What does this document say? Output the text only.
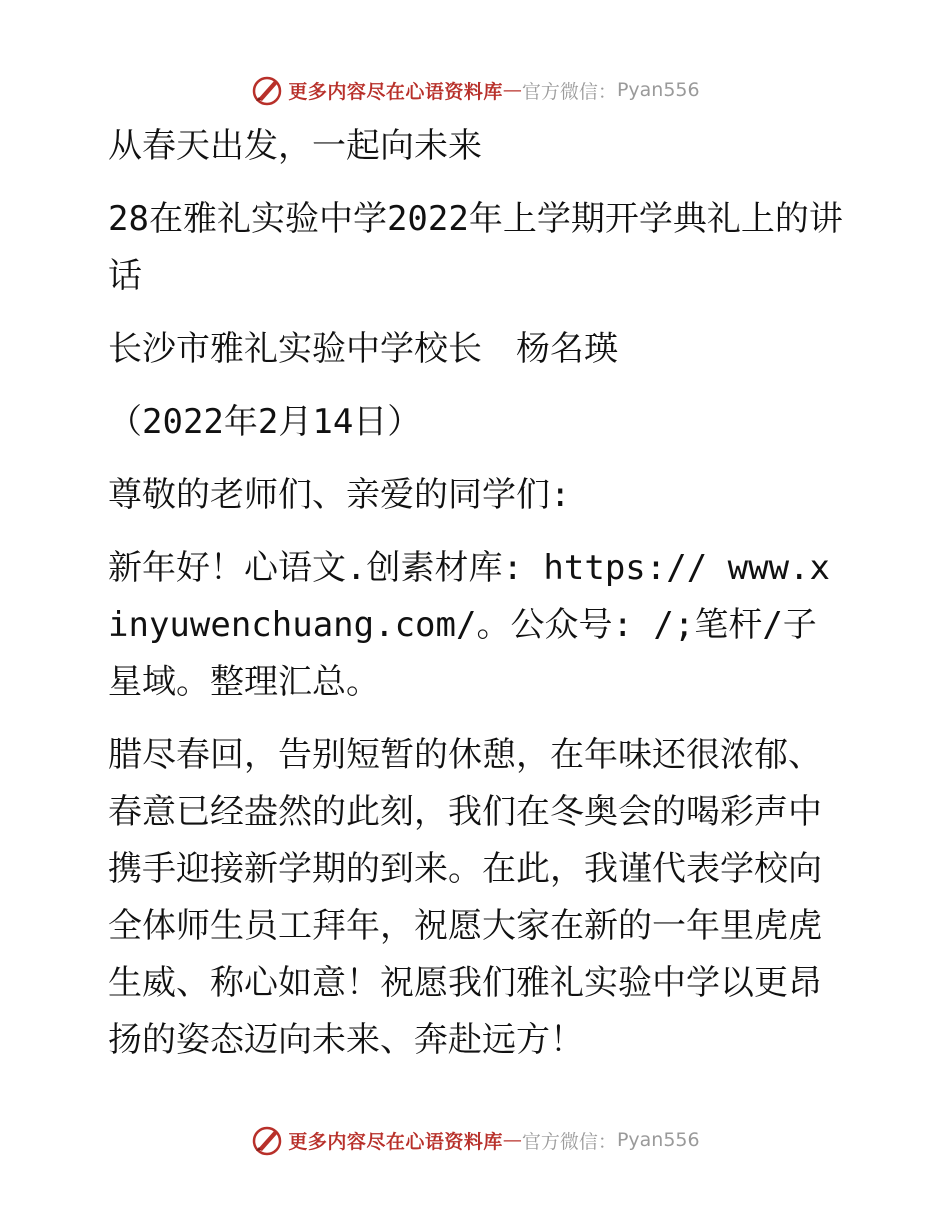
更多内容尽在心语资料库 — 官方微信： Pyan556

从春天出发，一起向未来

28在雅礼实验中学2022年上学期开学典礼上的讲话

长沙市雅礼实验中学校长　杨名瑛

（2022年2月14日）

尊敬的老师们、亲爱的同学们:

新年好！心语文.创素材库: https:// www.xinyuwenchuang.com/。公众号: /;笔杆/子星域。整理汇总。

腊尽春回，告别短暂的休憩，在年味还很浓郁、春意已经盎然的此刻，我们在冬奥会的喝彩声中携手迎接新学期的到来。在此，我谨代表学校向全体师生员工拜年，祝愿大家在新的一年里虎虎生威、称心如意！祝愿我们雅礼实验中学以更昂扬的姿态迈向未来、奔赴远方！

更多内容尽在心语资料库 — 官方微信： Pyan556
